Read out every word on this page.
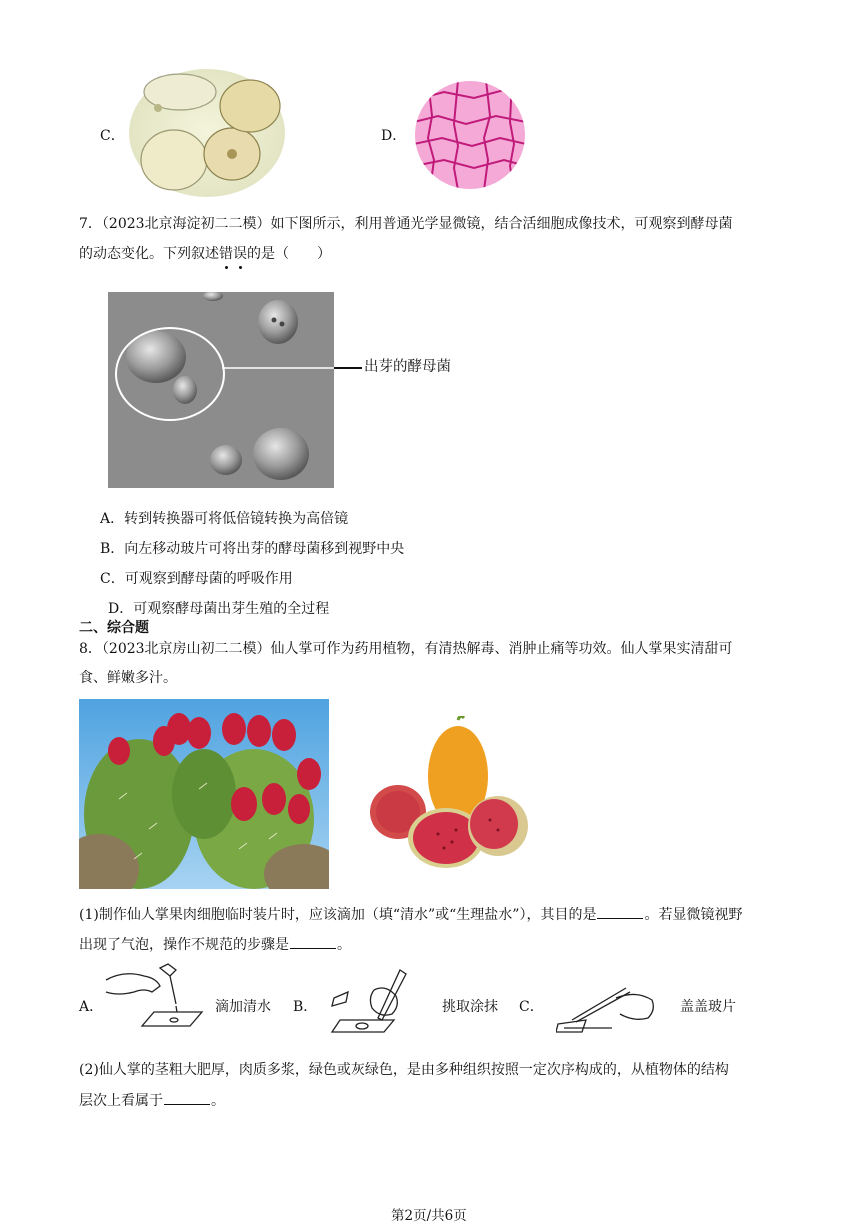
C．	D．
7．（2023北京海淀初二二模）如下图所示，利用普通光学显微镜，结合活细胞成像技术，可观察到酵母菌
的动态变化。下列叙述错误
的是（　　）
出芽的酵母菌
A．转到转换器可将低倍镜转换为高倍镜
B．向左移动玻片可将出芽的酵母菌移到视野中央
C．可观察到酵母菌的呼吸作用
D．可观察酵母菌出芽生殖的全过程
二、综合题
8．（2023北京房山初二二模）仙人掌可作为药用植物，有清热解毒、消肿止痛等功效。仙人掌果实清甜可
食、鲜嫩多汁。
(1)制作仙人掌果肉细胞临时装片时，应该滴加（填“清水”或“生理盐水”），其目的是	。若显微镜视野
出现了气泡，操作不规范的步骤是	。
A．	滴加清水 B．	挑取涂抹 C．	盖盖玻片
(2)仙人掌的茎粗大肥厚，肉质多浆，绿色或灰绿色，是由多种组织按照一定次序构成的，从植物体的结构
层次上看属于	。
第2页/共6页
